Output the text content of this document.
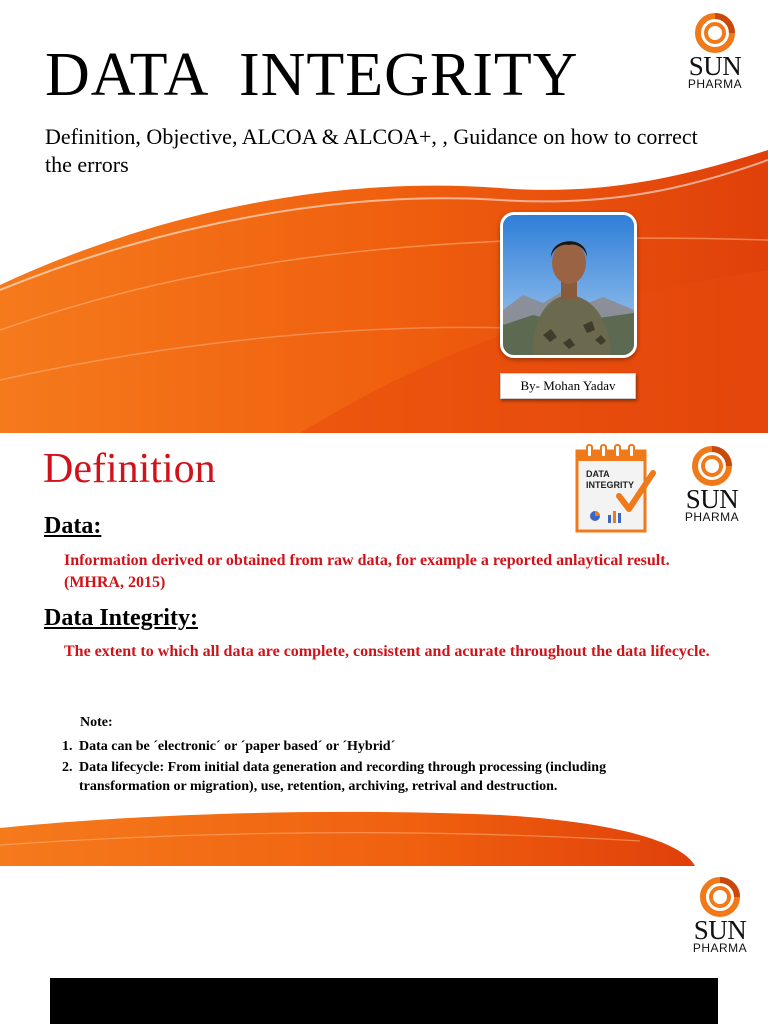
DATA  INTEGRITY
Definition, Objective, ALCOA & ALCOA+, , Guidance on how to correct the errors
SUN
PHARMA
By- Mohan Yadav
Definition	DATA
INTEGRITY	SUN
PHARMA
Data:
Information derived or obtained from raw data, for example a reported anlaytical result. (MHRA, 2015)
Data Integrity:
The extent to which all data are complete, consistent and acurate throughout the data lifecycle.
Note:
1. Data can be ´electronic´ or ´paper based´ or ´Hybrid´
2. Data lifecycle: From initial data generation and recording through processing (including
transformation or migration), use, retention, archiving, retrival and destruction.
SUN
PHARMA
